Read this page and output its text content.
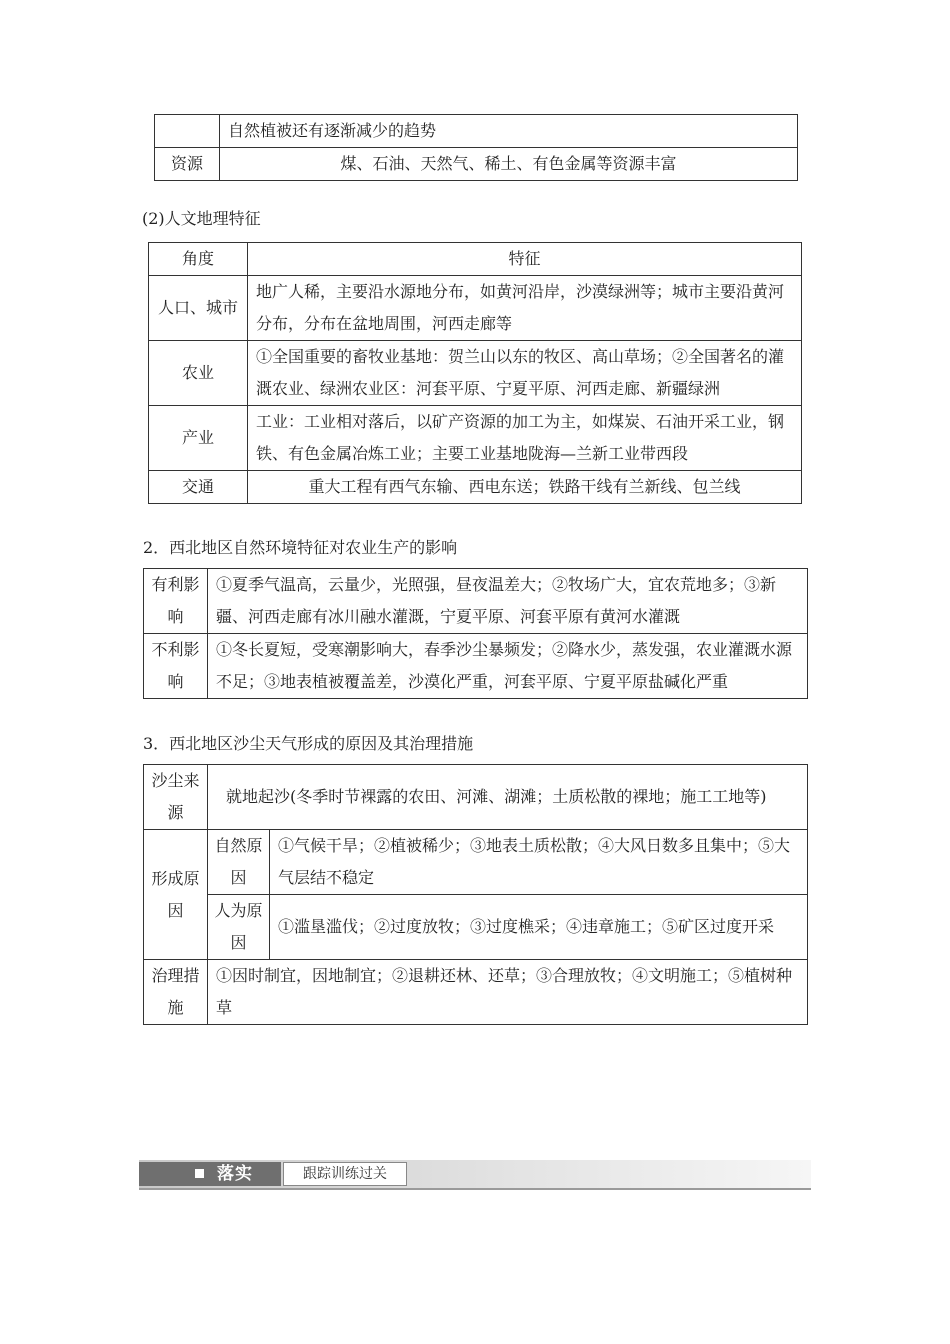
	自然植被还有逐渐减少的趋势
资源	煤、石油、天然气、稀土、有色金属等资源丰富
(2)人文地理特征
角度	特征
人口、城市	地广人稀，主要沿水源地分布，如黄河沿岸，沙漠绿洲等；城市主要沿黄河分布，分布在盆地周围，河西走廊等
农业	①全国重要的畜牧业基地：贺兰山以东的牧区、高山草场；②全国著名的灌溉农业、绿洲农业区：河套平原、宁夏平原、河西走廊、新疆绿洲
产业	工业：工业相对落后，以矿产资源的加工为主，如煤炭、石油开采工业，钢铁、有色金属冶炼工业；主要工业基地陇海—兰新工业带西段
交通	重大工程有西气东输、西电东送；铁路干线有兰新线、包兰线
2．西北地区自然环境特征对农业生产的影响
有利影响	①夏季气温高，云量少，光照强，昼夜温差大；②牧场广大，宜农荒地多；③新疆、河西走廊有冰川融水灌溉，宁夏平原、河套平原有黄河水灌溉
不利影响	①冬长夏短，受寒潮影响大，春季沙尘暴频发；②降水少，蒸发强，农业灌溉水源不足；③地表植被覆盖差，沙漠化严重，河套平原、宁夏平原盐碱化严重
3．西北地区沙尘天气形成的原因及其治理措施
沙尘来源	就地起沙(冬季时节裸露的农田、河滩、湖滩；土质松散的裸地；施工工地等)	
形成原因	自然原因	①气候干旱；②植被稀少；③地表土质松散；④大风日数多且集中；⑤大气层结不稳定
	人为原因	①滥垦滥伐；②过度放牧；③过度樵采；④违章施工；⑤矿区过度开采
治理措施	①因时制宜，因地制宜；②退耕还林、还草；③合理放牧；④文明施工；⑤植树种草	
落实	跟踪训练过关
